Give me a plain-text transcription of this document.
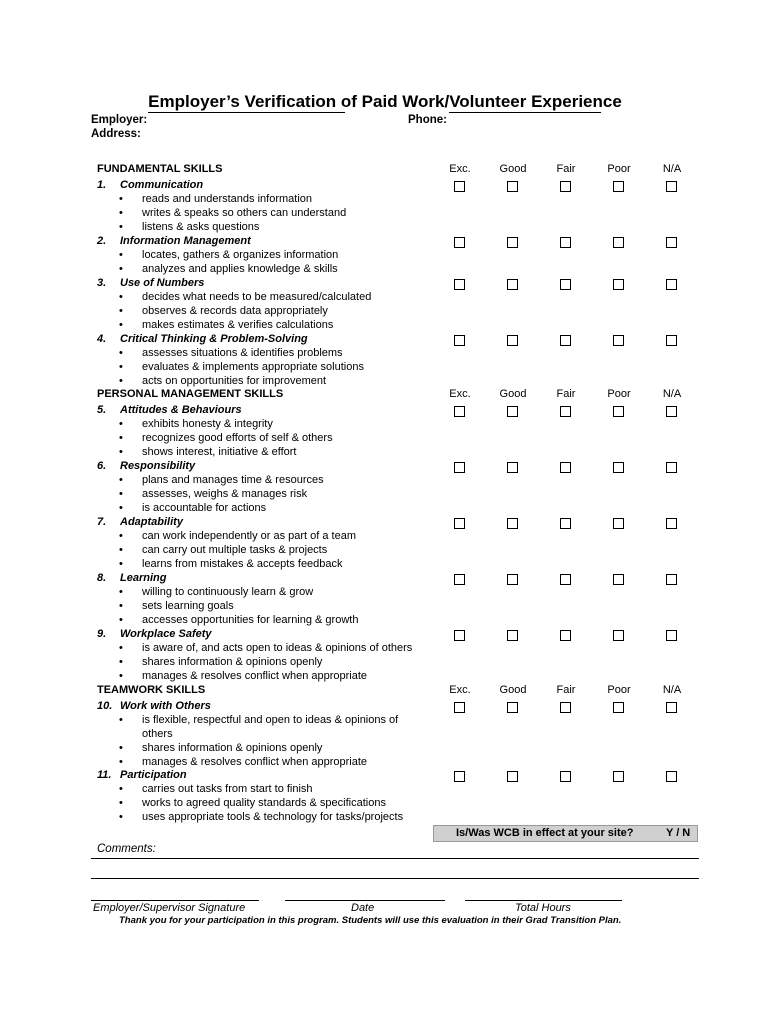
Employer’s Verification of Paid Work/Volunteer Experience
Employer:	Phone:
Address:
FUNDAMENTAL SKILLS	Exc.	Good	Fair	Poor	N/A
1. Communication
• reads and understands information
• writes & speaks so others can understand
• listens & asks questions
2. Information Management
• locates, gathers & organizes information
• analyzes and applies knowledge & skills
3. Use of Numbers
• decides what needs to be measured/calculated
• observes & records data appropriately
• makes estimates & verifies calculations
4. Critical Thinking & Problem-Solving
• assesses situations & identifies problems
• evaluates & implements appropriate solutions
• acts on opportunities for improvement
PERSONAL MANAGEMENT SKILLS	Exc.	Good	Fair	Poor	N/A
5. Attitudes & Behaviours
• exhibits honesty & integrity
• recognizes good efforts of self & others
• shows interest, initiative & effort
6. Responsibility
• plans and manages time & resources
• assesses, weighs & manages risk
• is accountable for actions
7. Adaptability
• can work independently or as part of a team
• can carry out multiple tasks & projects
• learns from mistakes & accepts feedback
8. Learning
• willing to continuously learn & grow
• sets learning goals
• accesses opportunities for learning & growth
9. Workplace Safety
• is aware of, and acts open to ideas & opinions of others
• shares information & opinions openly
• manages & resolves conflict when appropriate
TEAMWORK SKILLS	Exc.	Good	Fair	Poor	N/A
10. Work with Others
• is flexible, respectful and open to ideas & opinions of
others
• shares information & opinions openly
• manages & resolves conflict when appropriate
11. Participation
• carries out tasks from start to finish
• works to agreed quality standards & specifications
• uses appropriate tools & technology for tasks/projects
Is/Was WCB in effect at your site?	Y / N
Comments:
Employer/Supervisor Signature	Date	Total Hours
Thank you for your participation in this program. Students will use this evaluation in their Grad Transition Plan.
